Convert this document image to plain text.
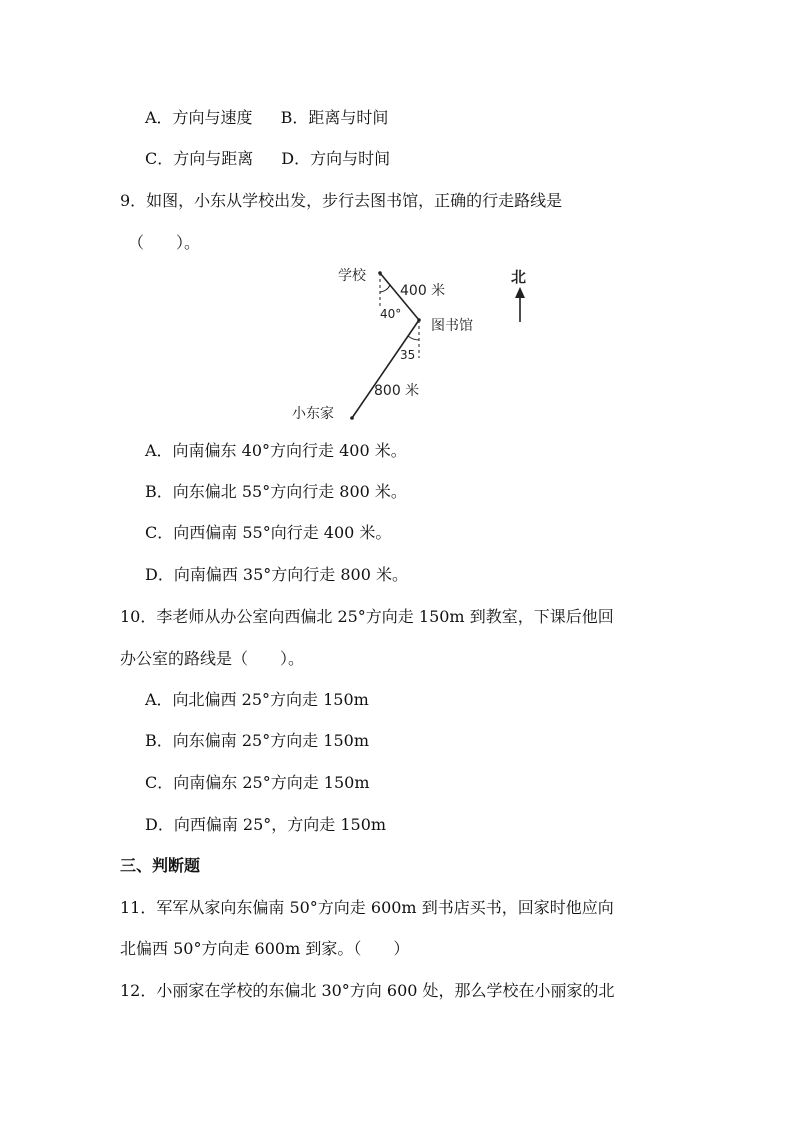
A．方向与速度 B．距离与时间
C．方向与距离 D．方向与时间
9．如图，小东从学校出发，步行去图书馆，正确的行走路线是
（　　）。
学校
400 米
40°
图书馆
35
800 米
小东家
北
A．向南偏东 40°方向行走 400 米。
B．向东偏北 55°方向行走 800 米。
C．向西偏南 55°向行走 400 米。
D．向南偏西 35°方向行走 800 米。
10．李老师从办公室向西偏北 25°方向走 150m 到教室，下课后他回
办公室的路线是（　　）。
A．向北偏西 25°方向走 150m
B．向东偏南 25°方向走 150m
C．向南偏东 25°方向走 150m
D．向西偏南 25°，方向走 150m
三、判断题
11．军军从家向东偏南 50°方向走 600m 到书店买书，回家时他应向
北偏西 50°方向走 600m 到家。（　　）
12．小丽家在学校的东偏北 30°方向 600 处，那么学校在小丽家的北
